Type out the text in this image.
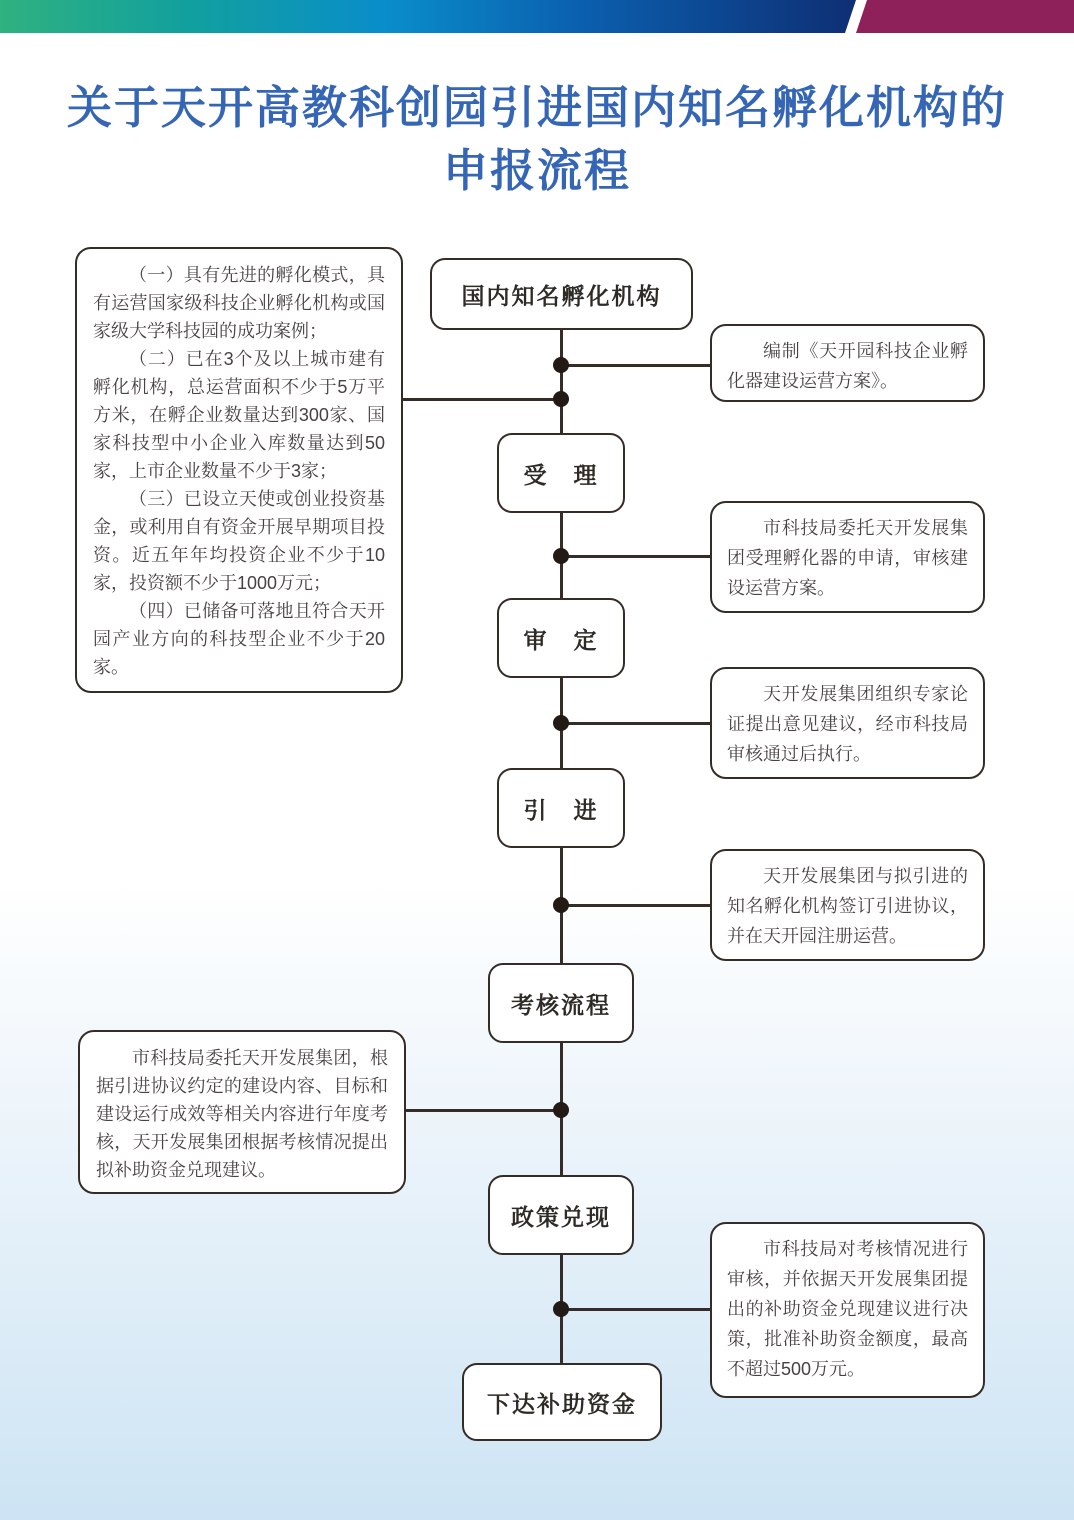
关于天开高教科创园引进国内知名孵化机构的
申报流程
国内知名孵化机构
受　理
审　定
引　进
考核流程
政策兑现
下达补助资金

（一）具有先进的孵化模式，具有运营国家级科技企业孵化机构或国家级大学科技园的成功案例；

（二）已在3个及以上城市建有孵化机构，总运营面积不少于5万平方米，在孵企业数量达到300家、国家科技型中小企业入库数量达到50家，上市企业数量不少于3家；

（三）已设立天使或创业投资基金，或利用自有资金开展早期项目投资。近五年年均投资企业不少于10家，投资额不少于1000万元；

（四）已储备可落地且符合天开园产业方向的科技型企业不少于20家。

编制《天开园科技企业孵化器建设运营方案》。

市科技局委托天开发展集团受理孵化器的申请，审核建设运营方案。

天开发展集团组织专家论证提出意见建议，经市科技局审核通过后执行。

天开发展集团与拟引进的知名孵化机构签订引进协议，并在天开园注册运营。

市科技局对考核情况进行审核，并依据天开发展集团提出的补助资金兑现建议进行决策，批准补助资金额度，最高不超过500万元。

市科技局委托天开发展集团，根据引进协议约定的建设内容、目标和建设运行成效等相关内容进行年度考核，天开发展集团根据考核情况提出拟补助资金兑现建议。
